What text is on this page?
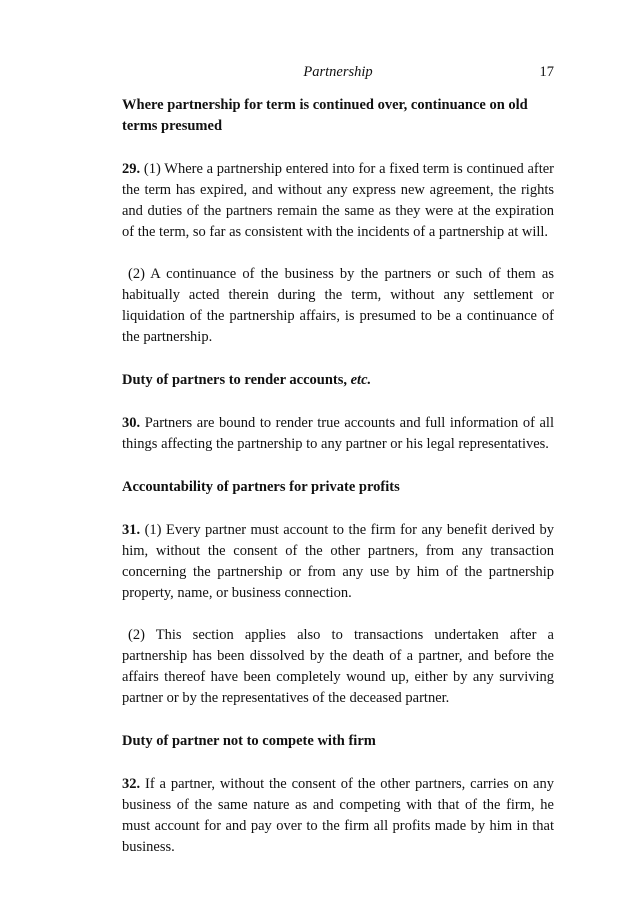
Partnership	17

Where partnership for term is continued over, continuance on old terms presumed

29. (1) Where a partnership entered into for a fixed term is continued after the term has expired, and without any express new agreement, the rights and duties of the partners remain the same as they were at the expiration of the term, so far as consistent with the incidents of a partnership at will.

(2) A continuance of the business by the partners or such of them as habitually acted therein during the term, without any settlement or liquidation of the partnership affairs, is presumed to be a continuance of the partnership.

Duty of partners to render accounts, etc.

30. Partners are bound to render true accounts and full information of all things affecting the partnership to any partner or his legal representatives.

Accountability of partners for private profits

31. (1) Every partner must account to the firm for any benefit derived by him, without the consent of the other partners, from any transaction concerning the partnership or from any use by him of the partnership property, name, or business connection.

(2) This section applies also to transactions undertaken after a partnership has been dissolved by the death of a partner, and before the affairs thereof have been completely wound up, either by any surviving partner or by the representatives of the deceased partner.

Duty of partner not to compete with firm

32. If a partner, without the consent of the other partners, carries on any business of the same nature as and competing with that of the firm, he must account for and pay over to the firm all profits made by him in that business.
